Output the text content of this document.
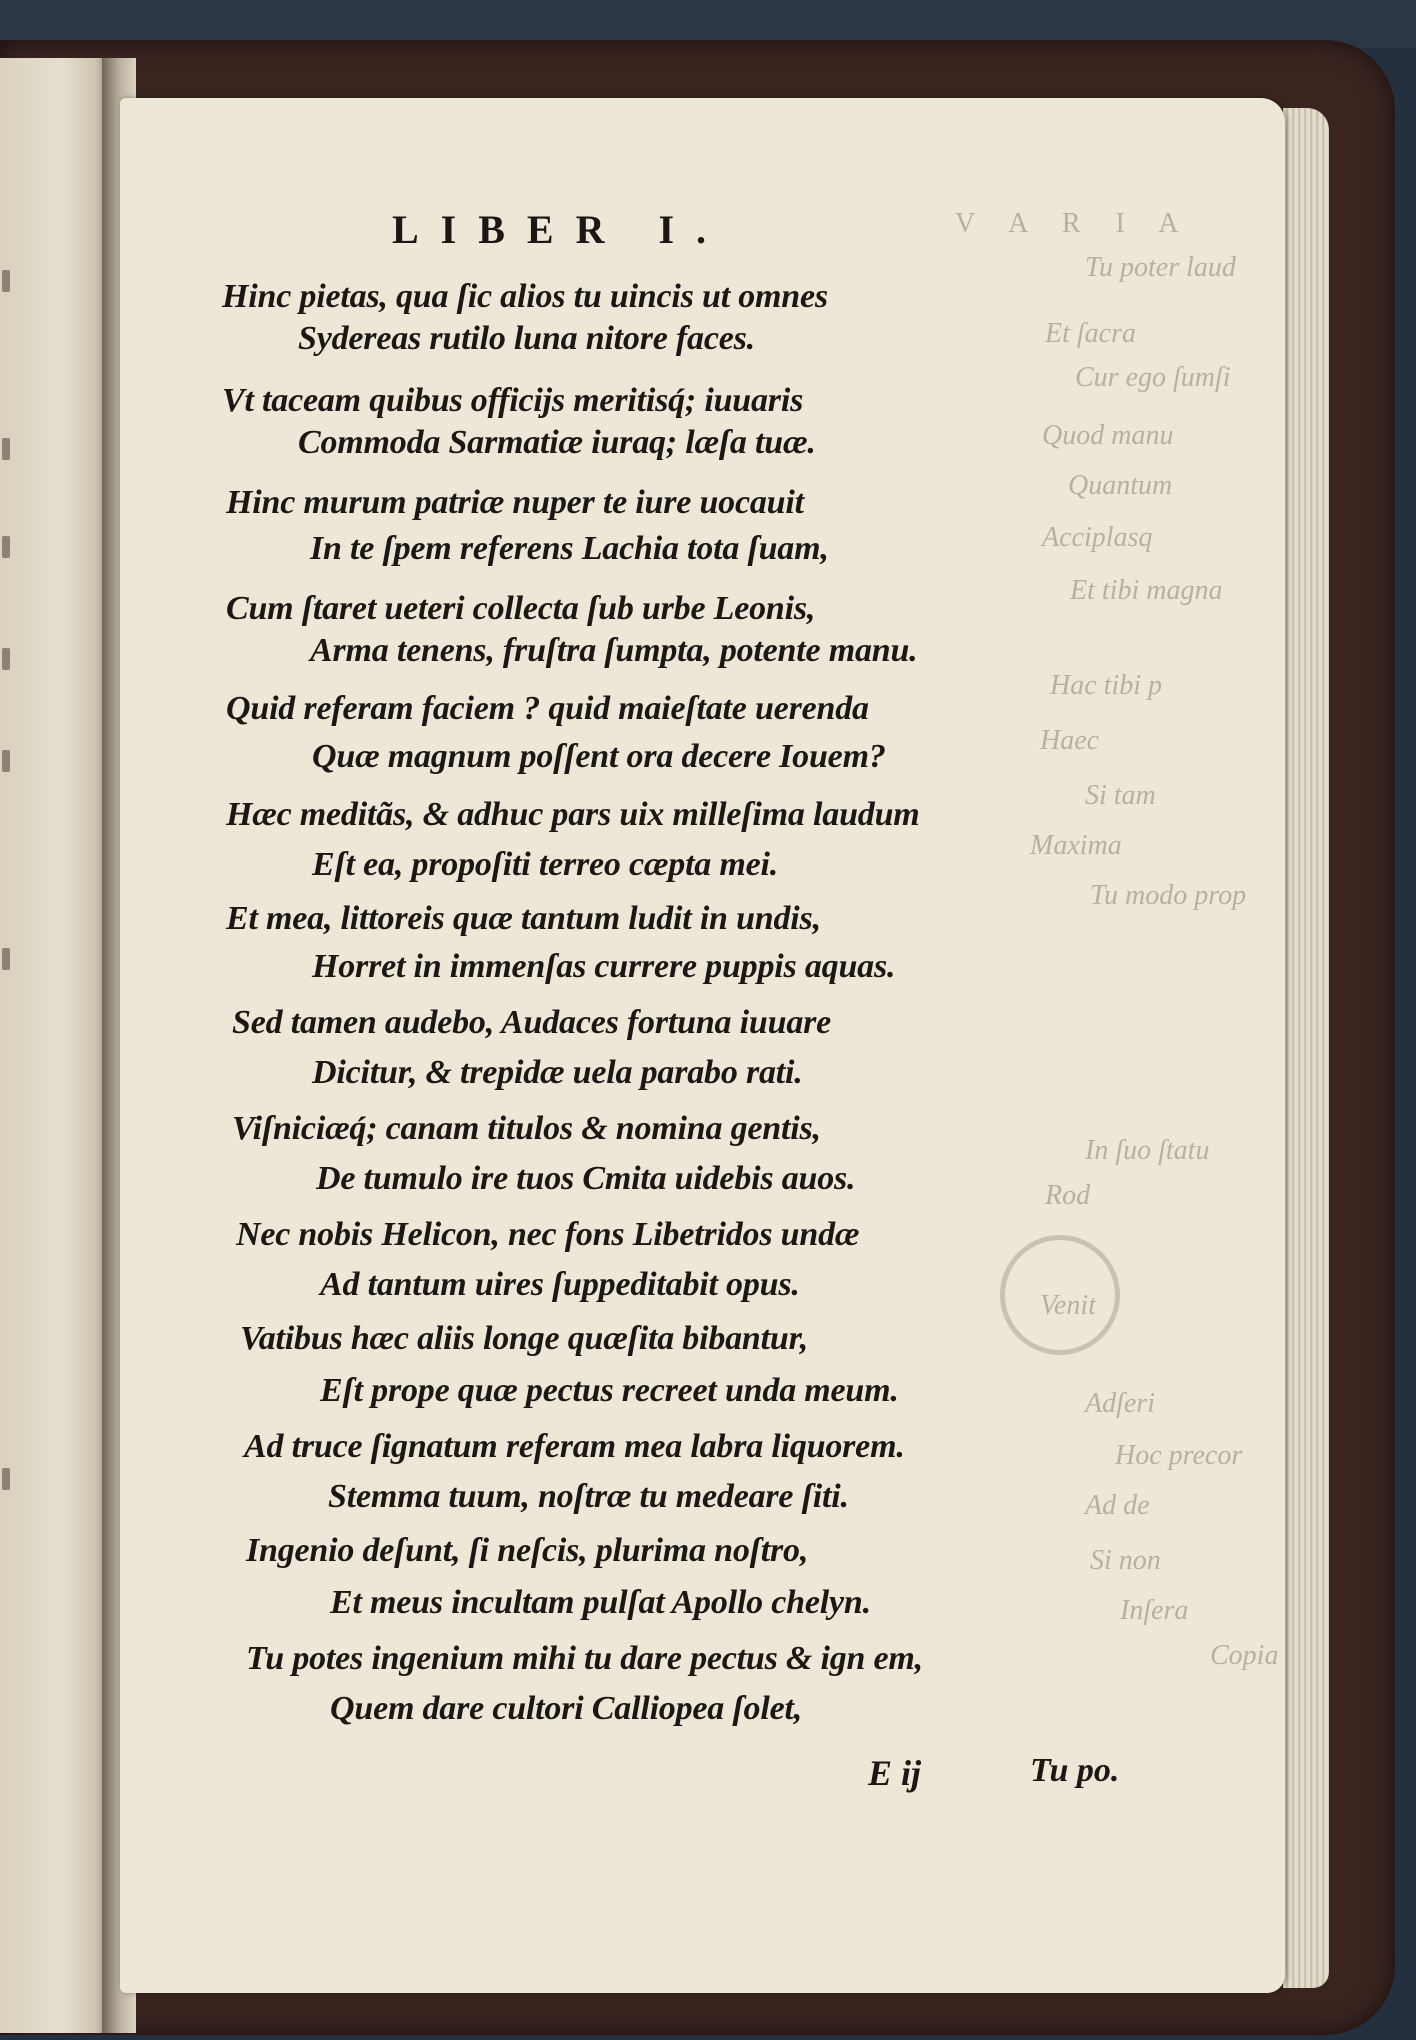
V A R I A
Tu poter laud
Et ſacra
Cur ego ſumſi
Quod manu
Quantum
Acciplasq
Et tibi magna
Hac tibi p
Haec
Si tam
Maxima
Tu modo prop
In ſuo ſtatu
Rod
Venit
Adſeri
Hoc precor
Ad de
Si non
Inſera
Copia
LIBER I.
Hinc pietas, qua ſic alios tu uincis ut omnes
Sydereas rutilo luna nitore faces.
Vt taceam quibus officijs meritisq́; iuuaris
Commoda Sarmatiæ iuraq; læſa tuæ.
Hinc murum patriæ nuper te iure uocauit
In te ſpem referens Lachia tota ſuam,
Cum ſtaret ueteri collecta ſub urbe Leonis,
Arma tenens, fruſtra ſumpta, potente manu.
Quid referam faciem ? quid maieſtate uerenda
Quæ magnum poſſent ora decere Iouem?
Hæc meditãs, & adhuc pars uix milleſima laudum
Eſt ea, propoſiti terreo cæpta mei.
Et mea, littoreis quæ tantum ludit in undis,
Horret in immenſas currere puppis aquas.
Sed tamen audebo, Audaces fortuna iuuare
Dicitur, & trepidæ uela parabo rati.
Viſniciæq́; canam titulos & nomina gentis,
De tumulo ire tuos Cmita uidebis auos.
Nec nobis Helicon, nec fons Libetridos undæ
Ad tantum uires ſuppeditabit opus.
Vatibus hæc aliis longe quæſita bibantur,
Eſt prope quæ pectus recreet unda meum.
Ad truce ſignatum referam mea labra liquorem.
Stemma tuum, noſtræ tu medeare ſiti.
Ingenio deſunt, ſi neſcis, plurima noſtro,
Et meus incultam pulſat Apollo chelyn.
Tu potes ingenium mihi tu dare pectus & ign em,
Quem dare cultori Calliopea ſolet,
E ij	Tu po.
